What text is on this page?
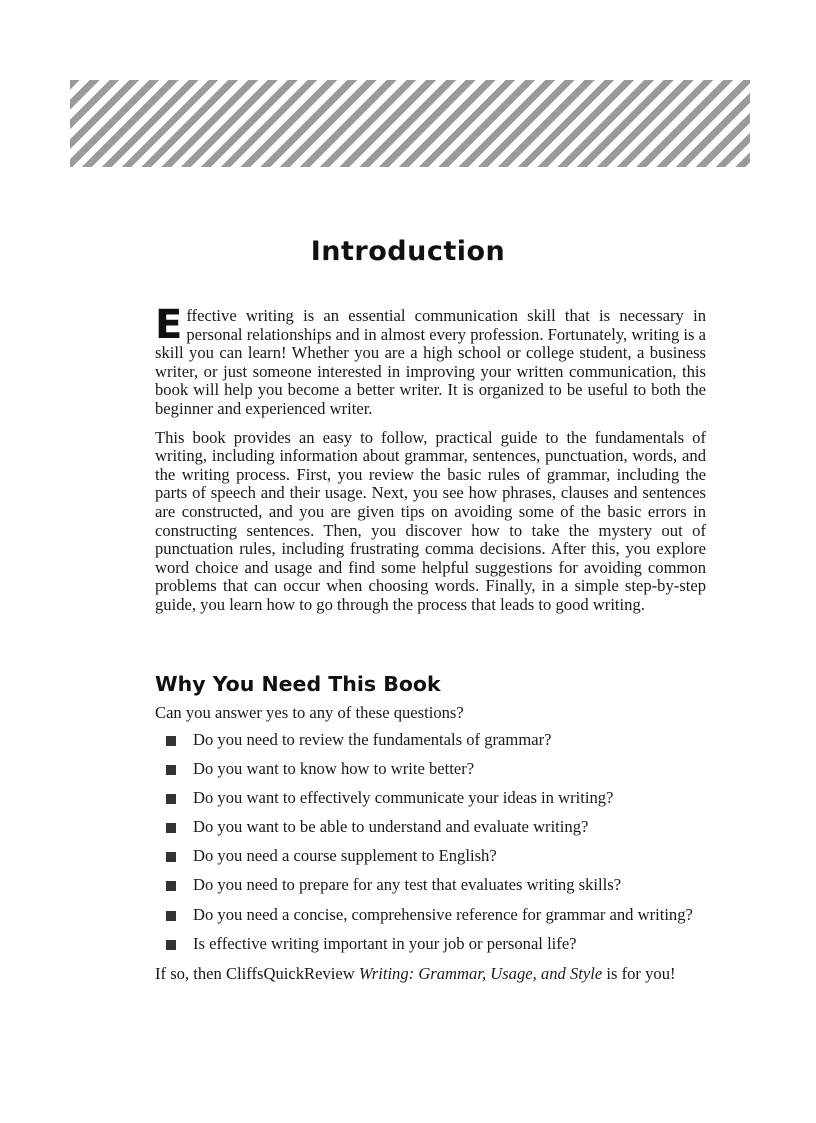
Introduction

Effective writing is an essential communication skill that is necessary in personal relationships and in almost every profession. Fortunately, writing is a skill you can learn! Whether you are a high school or college student, a business writer, or just someone interested in improving your written communication, this book will help you become a better writer. It is organized to be useful to both the beginner and experienced writer.

This book provides an easy to follow, practical guide to the fundamentals of writing, including information about grammar, sentences, punctuation, words, and the writing process. First, you review the basic rules of grammar, including the parts of speech and their usage. Next, you see how phrases, clauses and sentences are constructed, and you are given tips on avoiding some of the basic errors in constructing sentences. Then, you discover how to take the mystery out of punctuation rules, including frustrating comma decisions. After this, you explore word choice and usage and find some helpful suggestions for avoiding common problems that can occur when choosing words. Finally, in a simple step-by-step guide, you learn how to go through the process that leads to good writing.

Why You Need This Book

Can you answer yes to any of these questions?

Do you need to review the fundamentals of grammar?
Do you want to know how to write better?
Do you want to effectively communicate your ideas in writing?
Do you want to be able to understand and evaluate writing?
Do you need a course supplement to English?
Do you need to prepare for any test that evaluates writing skills?
Do you need a concise, comprehensive reference for grammar and writing?
Is effective writing important in your job or personal life?

If so, then CliffsQuickReview Writing: Grammar, Usage, and Style is for you!
